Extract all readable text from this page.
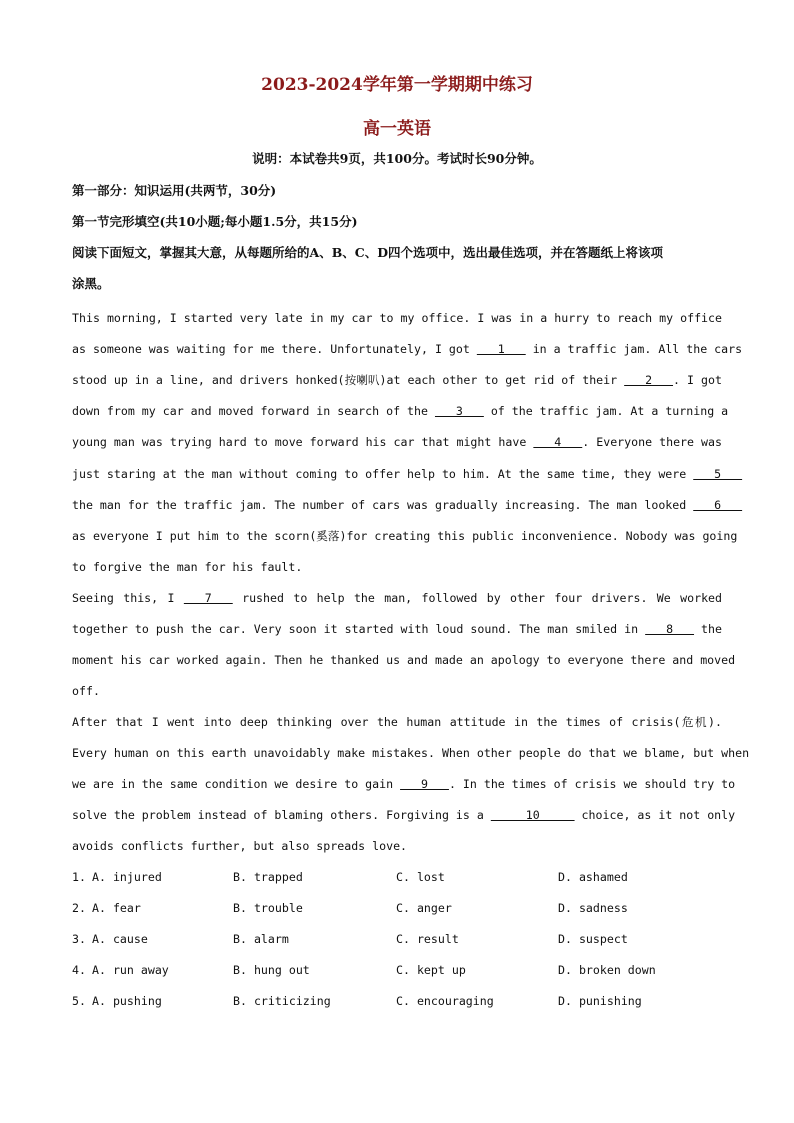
2023-2024学年第一学期期中练习
高一英语
说明：本试卷共9页，共100分。考试时长90分钟。
第一部分：知识运用(共两节，30分)
第一节完形填空(共10小题;每小题1.5分，共15分)
阅读下面短文，掌握其大意，从每题所给的A、B、C、D四个选项中，选出最佳选项，并在答题纸上将该项
涂黑。
This morning, I started very late in my car to my office. I was in a hurry to reach my office
as someone was waiting for me there. Unfortunately, I got    1    in a traffic jam. All the cars
stood up in a line, and drivers honked(按喇叭)at each other to get rid of their    2   . I got
down from my car and moved forward in search of the    3    of the traffic jam. At a turning a
young man was trying hard to move forward his car that might have    4   . Everyone there was
just staring at the man without coming to offer help to him. At the same time, they were    5
the man for the traffic jam. The number of cars was gradually increasing. The man looked    6
as everyone I put him to the scorn(奚落)for creating this public inconvenience. Nobody was going
to forgive the man for his fault.
Seeing this, I    7    rushed to help the man, followed by other four drivers. We worked
together to push the car. Very soon it started with loud sound. The man smiled in    8    the
moment his car worked again. Then he thanked us and made an apology to everyone there and moved
off.
After that I went into deep thinking over the human attitude in the times of crisis(危机).
Every human on this earth unavoidably make mistakes. When other people do that we blame, but when
we are in the same condition we desire to gain    9   . In the times of crisis we should try to
solve the problem instead of blaming others. Forgiving is a      10      choice, as it not only
avoids conflicts further, but also spreads love.
1. A. injured	B. trapped	C. lost	D. ashamed
2. A. fear	B. trouble	C. anger	D. sadness
3. A. cause	B. alarm	C. result	D. suspect
4. A. run away	B. hung out	C. kept up	D. broken down
5. A. pushing	B. criticizing	C. encouraging	D. punishing
